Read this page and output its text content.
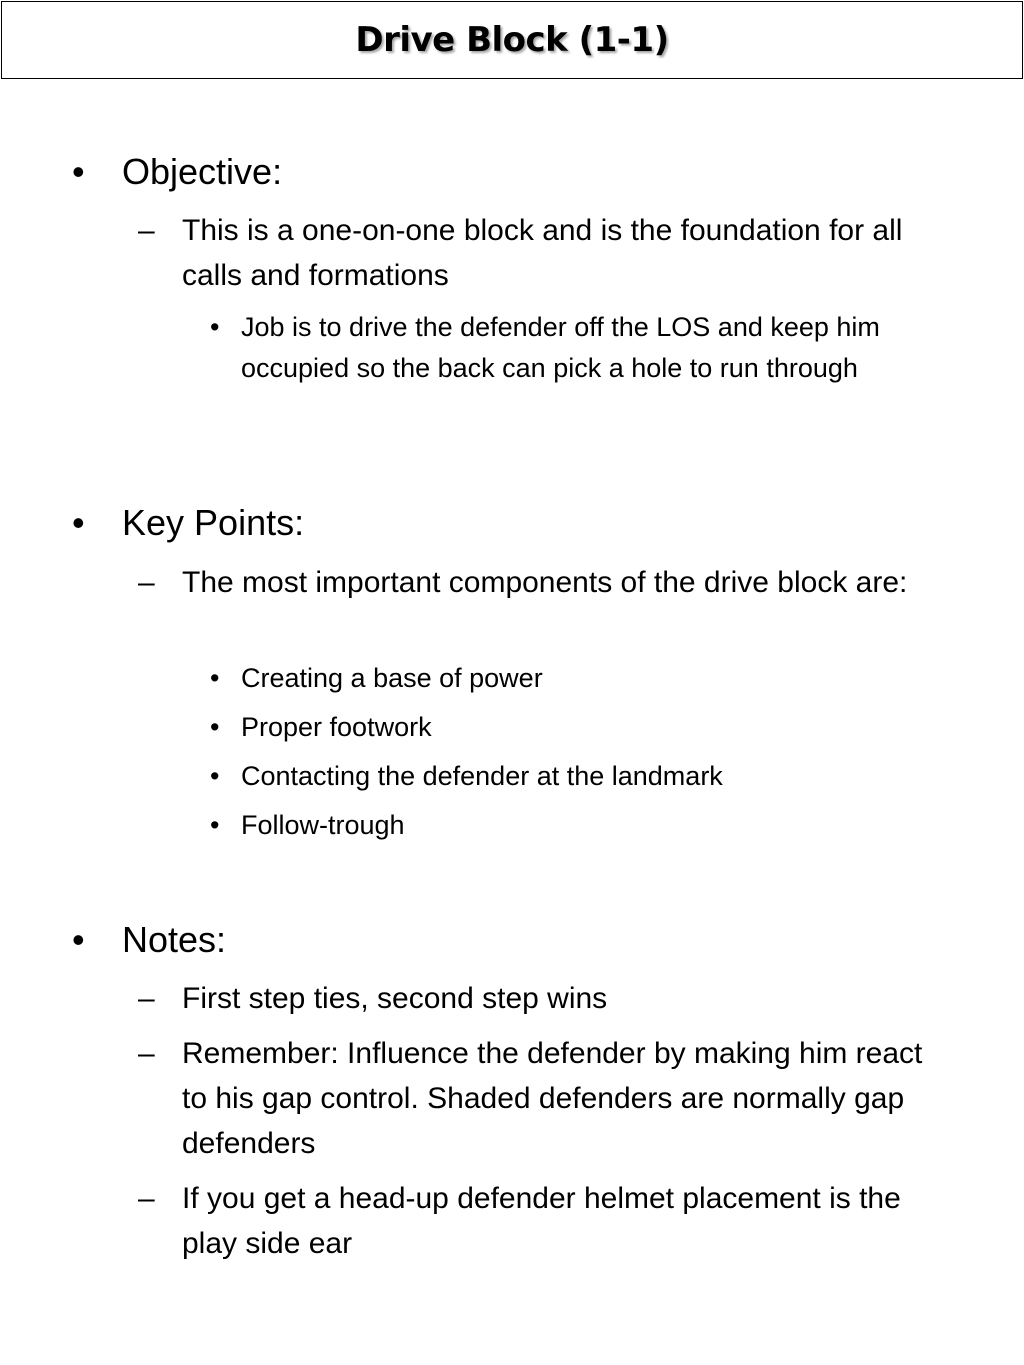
Drive Block (1-1)
• Objective:
– This is a one-on-one block and is the foundation for all calls and formations
• Job is to drive the defender off the LOS and keep him occupied so the back can pick a hole to run through
• Key Points:
– The most important components of the drive block are:
• Creating a base of power
• Proper footwork
• Contacting the defender at the landmark
• Follow-trough
• Notes:
– First step ties, second step wins
– Remember: Influence the defender by making him react to his gap control. Shaded defenders are normally gap defenders
– If you get a head-up defender helmet placement is the play side ear
